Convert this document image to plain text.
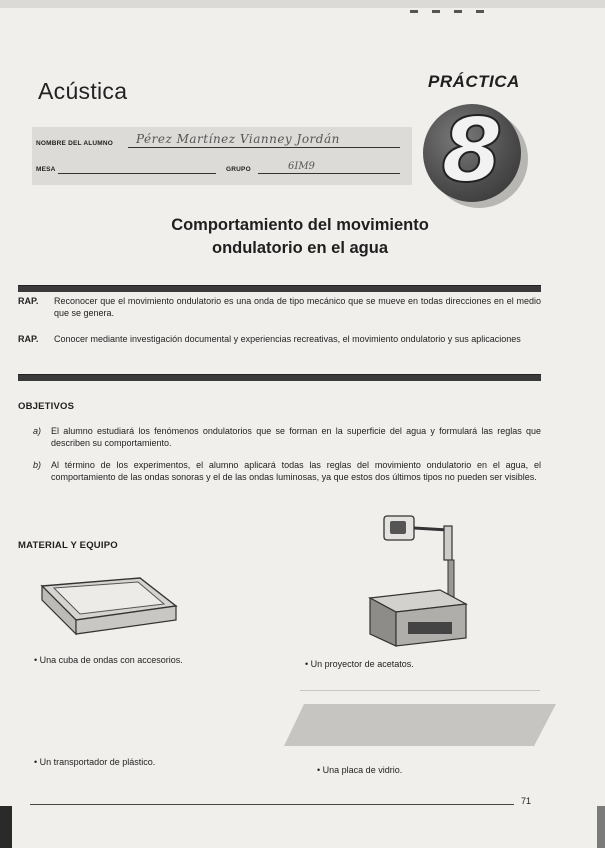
Acústica	PRÁCTICA
8
NOMBRE DEL ALUMNO Pérez Martínez Vianney Jordán
MESA	GRUPO	6IM9
Comportamiento del movimiento
ondulatorio en el agua
RAP. Reconocer que el movimiento ondulatorio es una onda de tipo mecánico que se mueve en todas direcciones en el medio que se genera.
RAP. Conocer mediante investigación documental y experiencias recreativas, el movimiento ondulatorio y sus aplicaciones
OBJETIVOS
a) El alumno estudiará los fenómenos ondulatorios que se forman en la superficie del agua y formulará las reglas que describen su comportamiento.
b) Al término de los experimentos, el alumno aplicará todas las reglas del movimiento ondulatorio en el agua, el comportamiento de las ondas sonoras y el de las ondas luminosas, ya que estos dos últimos tipos no pueden ser visibles.
MATERIAL Y EQUIPO
• Una cuba de ondas con accesorios.	• Un proyector de acetatos.
• Un transportador de plástico.
• Una placa de vidrio.
71
